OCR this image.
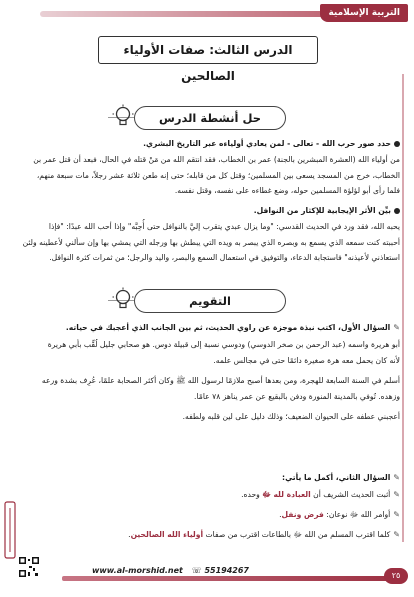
التربية الإسلامية
الدرس الثالث: صفات الأولياء الصالحين
حل أنشطة الدرس
حدد صور حرب الله - تعالى - لمن يعادي أولياءه عبر التاريخ البشري.
من أولياء الله (العشرة المبشرين بالجنة) عمر بن الخطاب، فقد انتقم الله من مَنْ قتله في الحال، فبعد أن قتل عمر بن
الخطاب، خرج من المسجد يسعى بين المسلمين؛ وقتل كل من قابله؛ حتى إنه طعن ثلاثة عشر رجلاً، مات سبعة منهم،
فلما رأى أبو لؤلؤة المسلمين حوله، وضع غطاءه على نفسه، وقتل نفسه.
بيِّن الأثر الإيجابية للإكثار من النوافل.
يحبه الله، فقد ورد في الحديث القدسي: "وما يزال عبدي يتقرب إليَّ بالنوافل حتى أُحِبَّه" وإذا أحب الله عبدًا: "فإذا
أحببته كنت سمعه الذي يسمع به وبصره الذي يبصر به ويده التي يبطش بها ورجله التي يمشي بها وإن سألني لأعطينه ولئن
استعاذني لأعيذنه" فاستجابة الدعاء، والتوفيق في استعمال السمع والبصر، واليد والرجل؛ من ثمرات كثرة النوافل.
التقويم
✎السؤال الأول، اكتب نبذة موجزة عن راوي الحديث، ثم بين الجانب الذي أعجبك في حياته.
أبو هريرة واسمه (عبد الرحمن بن صخر الدوسي) ودوسي نسبة إلى قبيلة دوس. هو صحابي جليل لُقِّب بأبي هريرة
لأنه كان يحمل معه هرة صغيرة دائمًا حتى في مجالس علمه.
أسلم في السنة السابعة للهجرة، ومن بعدها أصبح ملازمًا لرسول الله ﷺ وكان أكثر الصحابة علمًا، عُرِف بشدة ورعه
وزهده. تُوفي بالمدينة المنورة ودفن بالبقيع عن عمر يناهز ٧٨ عامًا.
أعجبني عطفه على الحيوان الضعيف؛ وذلك دليل على لين قلبه ولطفه.
✎السؤال الثاني، أكمل ما يأتي:
✎أثبت الحديث الشريف أن العبادة لله ﷻ وحده.
✎أوامر الله ﷻ نوعان: فرض ونفل.
✎كلما اقترب المسلم من الله ﷻ بالطاعات اقترب من صفات أولياء الله الصالحين.
www.al-morshid.net ☏ 55194267
٢٥
